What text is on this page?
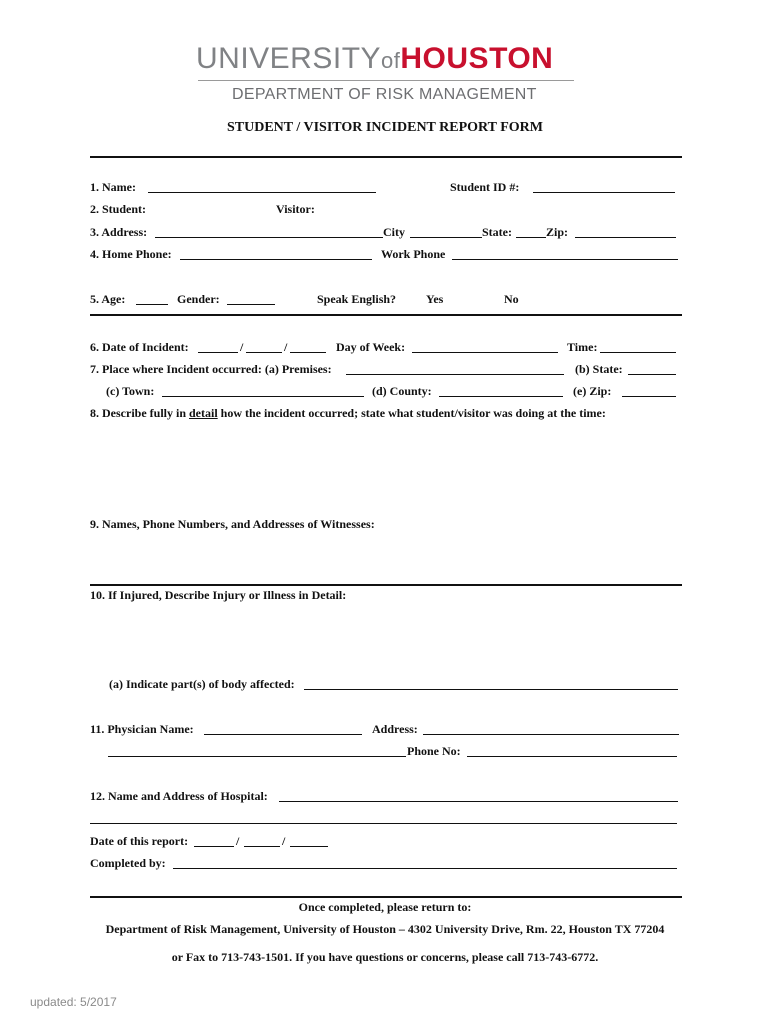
UNIVERSITYofHOUSTON
DEPARTMENT OF RISK MANAGEMENT
STUDENT / VISITOR INCIDENT REPORT FORM
1. Name:	Student ID #:
2. Student:	Visitor:
3. Address:	City	State:	Zip:
4. Home Phone:	Work Phone
5. Age:	Gender:	Speak English? Yes	No
6. Date of Incident:	/	/	Day of Week:	Time:
7. Place where Incident occurred: (a) Premises:	(b) State:
(c) Town:	(d) County:	(e) Zip:
8. Describe fully in detail how the incident occurred; state what student/visitor was doing at the time:
9. Names, Phone Numbers, and Addresses of Witnesses:
10. If Injured, Describe Injury or Illness in Detail:
(a) Indicate part(s) of body affected:
11. Physician Name:	Address:
Phone No:
12. Name and Address of Hospital:
Date of this report:	/	/
Completed by:
Once completed, please return to:
Department of Risk Management, University of Houston – 4302 University Drive, Rm. 22, Houston TX 77204
or Fax to 713-743-1501. If you have questions or concerns, please call 713-743-6772.
updated: 5/2017
